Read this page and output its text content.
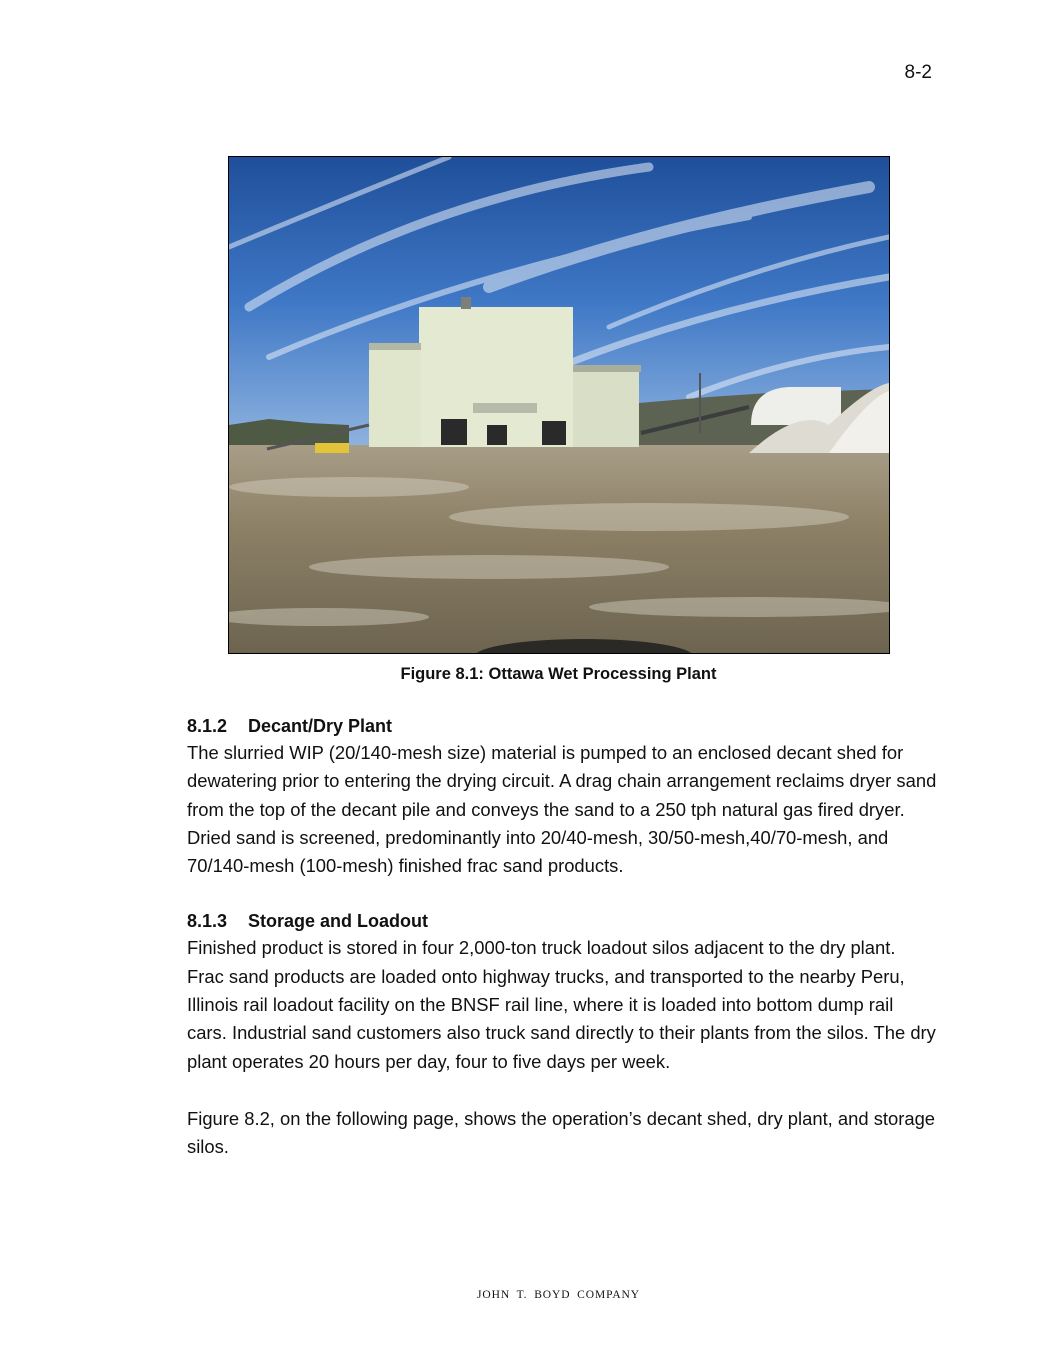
8-2
Figure 8.1: Ottawa Wet Processing Plant
8.1.2 Decant/Dry Plant

The slurried WIP (20/140-mesh size) material is pumped to an enclosed decant shed for dewatering prior to entering the drying circuit. A drag chain arrangement reclaims dryer sand from the top of the decant pile and conveys the sand to a 250 tph natural gas fired dryer. Dried sand is screened, predominantly into 20/40-mesh, 30/50-mesh,40/70-mesh, and 70/140-mesh (100-mesh) finished frac sand products.

8.1.3 Storage and Loadout

Finished product is stored in four 2,000-ton truck loadout silos adjacent to the dry plant. Frac sand products are loaded onto highway trucks, and transported to the nearby Peru, Illinois rail loadout facility on the BNSF rail line, where it is loaded into bottom dump rail cars. Industrial sand customers also truck sand directly to their plants from the silos. The dry plant operates 20 hours per day, four to five days per week.

Figure 8.2, on the following page, shows the operation’s decant shed, dry plant, and storage silos.

JOHN T. BOYD COMPANY
